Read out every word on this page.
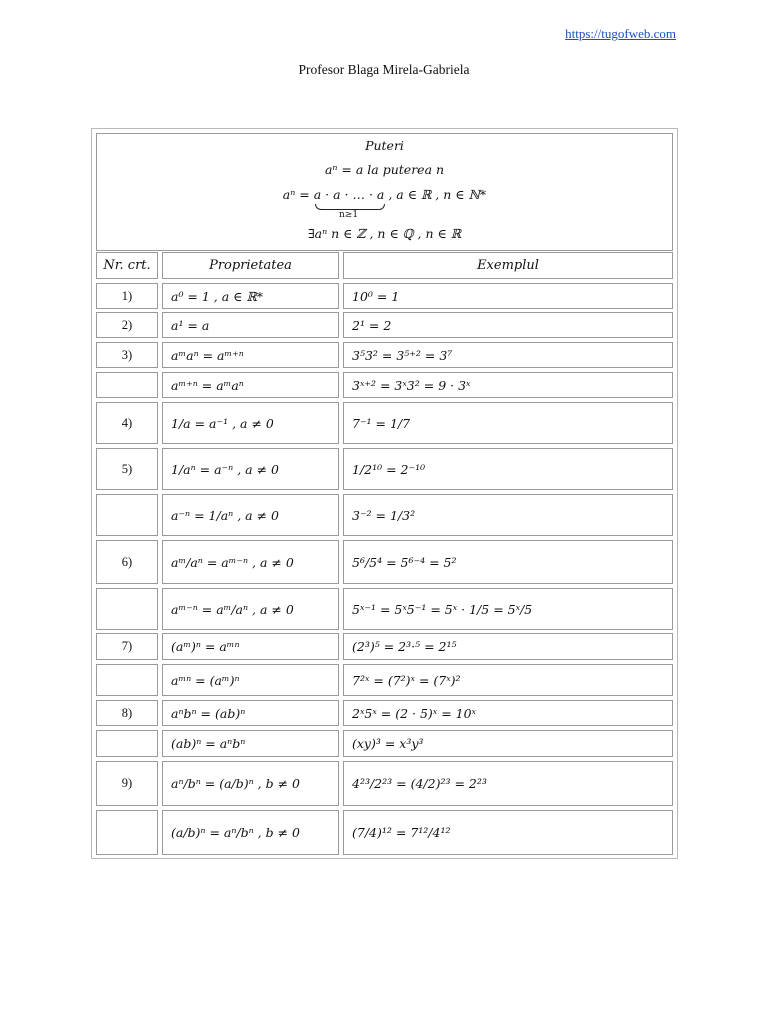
https://tugofweb.com
Profesor Blaga Mirela-Gabriela
Puteri
aⁿ = a la puterea n
aⁿ = a · a · … · a , a ∈ ℝ , n ∈ ℕ*
n≥1
∃aⁿ n ∈ ℤ , n ∈ ℚ , n ∈ ℝ
Nr. crt.	Proprietatea	Exemplul
1)	a⁰ = 1 , a ∈ ℝ*	10⁰ = 1
2)	a¹ = a	2¹ = 2
3)	aᵐaⁿ = aᵐ⁺ⁿ	3⁵3² = 3⁵⁺² = 3⁷
aᵐ⁺ⁿ = aᵐaⁿ	3ˣ⁺² = 3ˣ3² = 9 · 3ˣ
4)	1/a = a⁻¹ , a ≠ 0	7⁻¹ = 1/7
5)	1/aⁿ = a⁻ⁿ , a ≠ 0	1/2¹⁰ = 2⁻¹⁰
a⁻ⁿ = 1/aⁿ , a ≠ 0	3⁻² = 1/3²
6)	aᵐ/aⁿ = aᵐ⁻ⁿ , a ≠ 0	5⁶/5⁴ = 5⁶⁻⁴ = 5²
aᵐ⁻ⁿ = aᵐ/aⁿ , a ≠ 0	5ˣ⁻¹ = 5ˣ5⁻¹ = 5ˣ · 1/5 = 5ˣ/5
7)	(aᵐ)ⁿ = aᵐⁿ	(2³)⁵ = 2³·⁵ = 2¹⁵
aᵐⁿ = (aᵐ)ⁿ	7²ˣ = (7²)ˣ = (7ˣ)²
8)	aⁿbⁿ = (ab)ⁿ	2ˣ5ˣ = (2 · 5)ˣ = 10ˣ
(ab)ⁿ = aⁿbⁿ	(xy)³ = x³y³
9)	aⁿ/bⁿ = (a/b)ⁿ , b ≠ 0	4²³/2²³ = (4/2)²³ = 2²³
(a/b)ⁿ = aⁿ/bⁿ , b ≠ 0	(7/4)¹² = 7¹²/4¹²
